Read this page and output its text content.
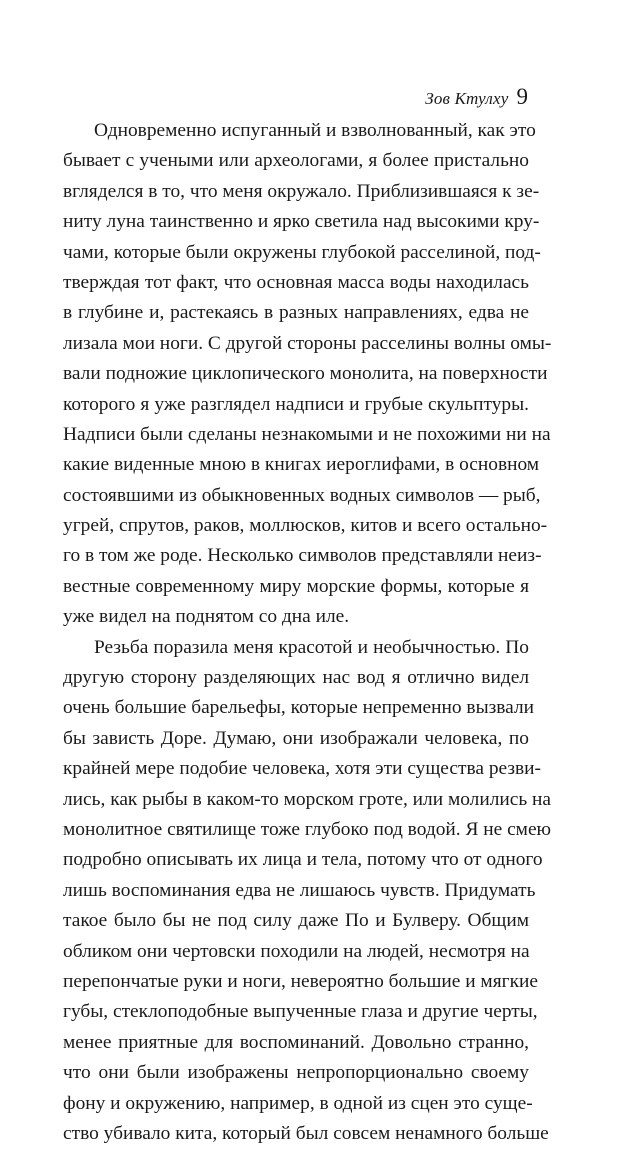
Зов Ктулху 9
Одновременно испуганный и взволнованный, как это
бывает с учеными или археологами, я более пристально
вгляделся в то, что меня окружало. Приблизившаяся к зе-
ниту луна таинственно и ярко светила над высокими кру-
чами, которые были окружены глубокой расселиной, под-
тверждая тот факт, что основная масса воды находилась
в глубине и, растекаясь в разных направлениях, едва не
лизала мои ноги. С другой стороны расселины волны омы-
вали подножие циклопического монолита, на поверхности
которого я уже разглядел надписи и грубые скульптуры.
Надписи были сделаны незнакомыми и не похожими ни на
какие виденные мною в книгах иероглифами, в основном
состоявшими из обыкновенных водных символов — рыб,
угрей, спрутов, раков, моллюсков, китов и всего остально-
го в том же роде. Несколько символов представляли неиз-
вестные современному миру морские формы, которые я
уже видел на поднятом со дна иле.
Резьба поразила меня красотой и необычностью. По
другую сторону разделяющих нас вод я отлично видел
очень большие барельефы, которые непременно вызвали
бы зависть Доре. Думаю, они изображали человека, по
крайней мере подобие человека, хотя эти существа резви-
лись, как рыбы в каком-то морском гроте, или молились на
монолитное святилище тоже глубоко под водой. Я не смею
подробно описывать их лица и тела, потому что от одного
лишь воспоминания едва не лишаюсь чувств. Придумать
такое было бы не под силу даже По и Булверу. Общим
обликом они чертовски походили на людей, несмотря на
перепончатые руки и ноги, невероятно большие и мягкие
губы, стеклоподобные выпученные глаза и другие черты,
менее приятные для воспоминаний. Довольно странно,
что они были изображены непропорционально своему
фону и окружению, например, в одной из сцен это суще-
ство убивало кита, который был совсем ненамного больше
